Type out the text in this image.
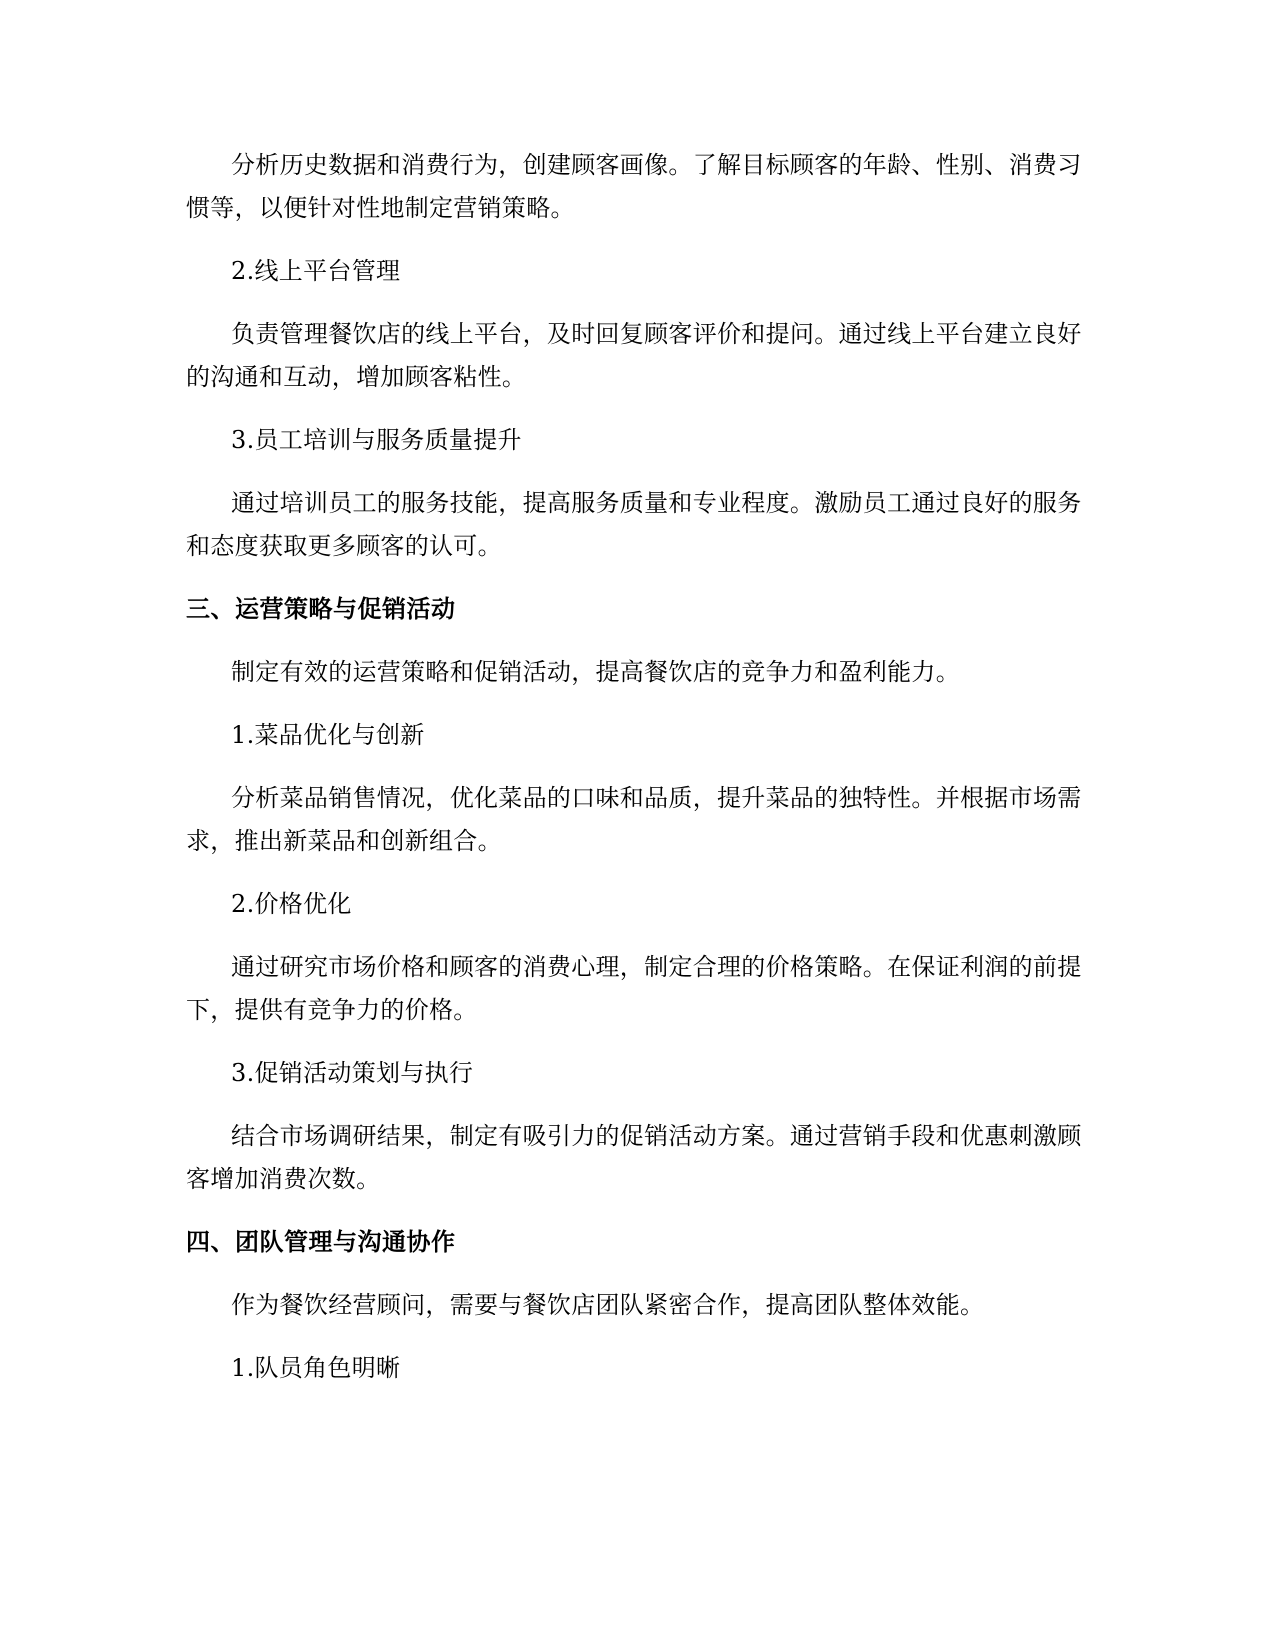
分析历史数据和消费行为，创建顾客画像。了解目标顾客的年龄、性别、消费习惯等，以便针对性地制定营销策略。

2.线上平台管理

负责管理餐饮店的线上平台，及时回复顾客评价和提问。通过线上平台建立良好的沟通和互动，增加顾客粘性。

3.员工培训与服务质量提升

通过培训员工的服务技能，提高服务质量和专业程度。激励员工通过良好的服务和态度获取更多顾客的认可。

三、运营策略与促销活动

制定有效的运营策略和促销活动，提高餐饮店的竞争力和盈利能力。

1.菜品优化与创新

分析菜品销售情况，优化菜品的口味和品质，提升菜品的独特性。并根据市场需求，推出新菜品和创新组合。

2.价格优化

通过研究市场价格和顾客的消费心理，制定合理的价格策略。在保证利润的前提下，提供有竞争力的价格。

3.促销活动策划与执行

结合市场调研结果，制定有吸引力的促销活动方案。通过营销手段和优惠刺激顾客增加消费次数。

四、团队管理与沟通协作

作为餐饮经营顾问，需要与餐饮店团队紧密合作，提高团队整体效能。

1.队员角色明晰
